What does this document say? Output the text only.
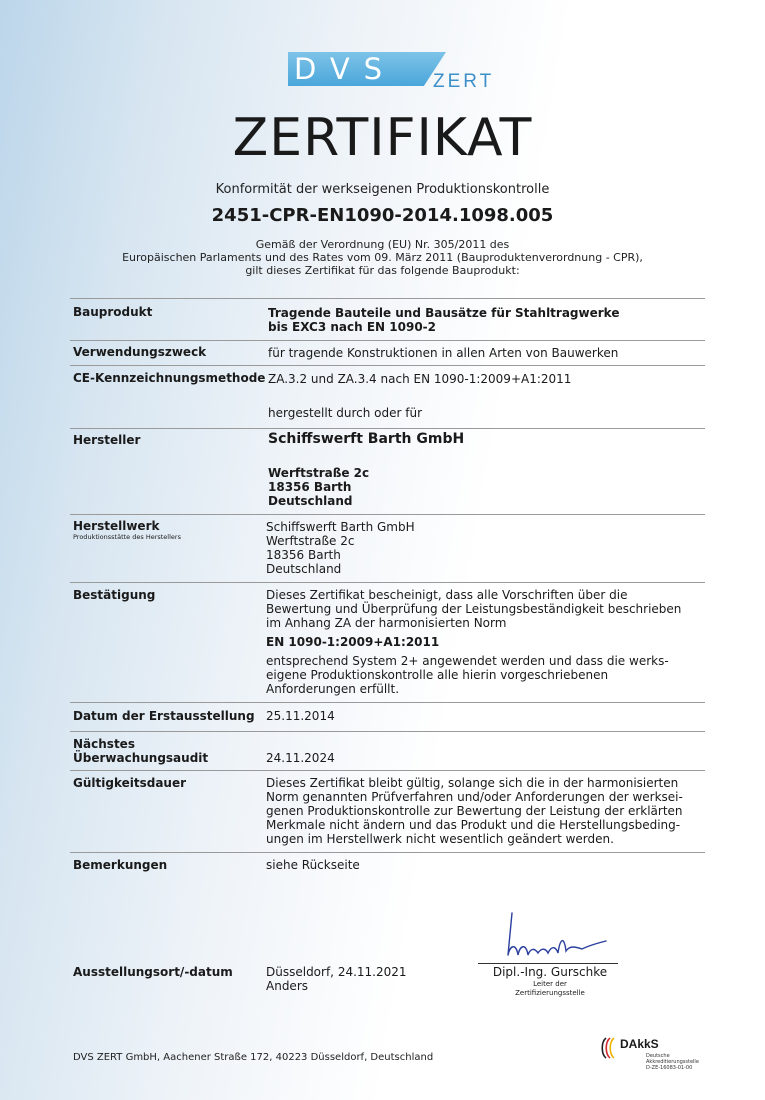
DVS	ZERT
ZERTIFIKAT
Konformität der werkseigenen Produktionskontrolle
2451-CPR-EN1090-2014.1098.005
Gemäß der Verordnung (EU) Nr. 305/2011 des
Europäischen Parlaments und des Rates vom 09. März 2011 (Bauproduktenverordnung - CPR),
gilt dieses Zertifikat für das folgende Bauprodukt:
Bauprodukt	Tragende Bauteile und Bausätze für Stahltragwerke
bis EXC3 nach EN 1090-2
Verwendungszweck	für tragende Konstruktionen in allen Arten von Bauwerken
CE-Kennzeichnungsmethode ZA.3.2 und ZA.3.4 nach EN 1090-1:2009+A1:2011
hergestellt durch oder für
Hersteller	Schiffswerft Barth GmbH
Werftstraße 2c
18356 Barth
Deutschland
Herstellwerk
Produktionsstätte des Herstellers
Schiffswerft Barth GmbH
Werftstraße 2c
18356 Barth
Deutschland
Bestätigung	Dieses Zertifikat bescheinigt, dass alle Vorschriften über die
Bewertung und Überprüfung der Leistungsbeständigkeit beschrieben
im Anhang ZA der harmonisierten Norm
EN 1090-1:2009+A1:2011
entsprechend System 2+ angewendet werden und dass die werks-
eigene Produktionskontrolle alle hierin vorgeschriebenen
Anforderungen erfüllt.
Datum der Erstausstellung 25.11.2014
Nächstes
Überwachungsaudit	24.11.2024
Gültigkeitsdauer	Dieses Zertifikat bleibt gültig, solange sich die in der harmonisierten
Norm genannten Prüfverfahren und/oder Anforderungen der werksei-
genen Produktionskontrolle zur Bewertung der Leistung der erklärten
Merkmale nicht ändern und das Produkt und die Herstellungsbeding-
ungen im Herstellwerk nicht wesentlich geändert werden.
Bemerkungen	siehe Rückseite
Ausstellungsort/-datum	Düsseldorf, 24.11.2021
Anders
Dipl.-Ing. Gurschke
Leiter der
Zertifizierungsstelle
DVS ZERT GmbH, Aachener Straße 172, 40223 Düsseldorf, Deutschland
DAkkS
Deutsche
Akkreditierungsstelle
D-ZE-16083-01-00
